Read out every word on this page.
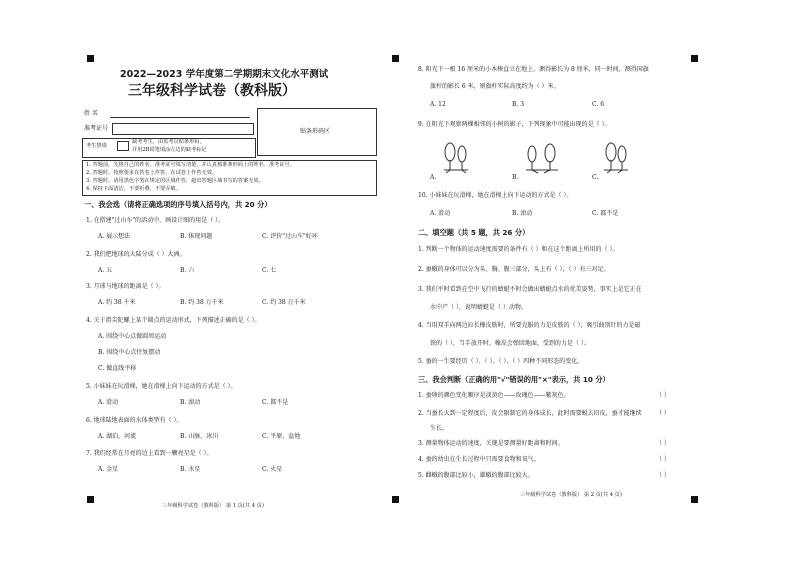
2022—2023 学年度第二学期期末文化水平测试
三年级科学试卷（教科版）
姓 名
准考证号	贴条形码区
考生禁填
缺考考生，由监考员贴条形码，
并用2B铅笔填涂左边的缺考标记
1. 答题前，先将自己的姓名、准考证号填写清楚，并认真核准条形码上的姓名、准考证号。
2. 答题时，按照要求在答卷上作答，在试卷上作答无效。
3. 答题时，请用黑色字笔在规定的区域作答，超出答题区域书写的答案无效。
4. 保持卡面清洁，不要折叠，不要弄破。
一、我会选（请将正确选项的序号填入括号内，共 20 分）
1. 在搭建"过山车"的活动中，画设计图的用是（ ）。
A. 展示想法	B. 体现问题	C. 评价"过山车"好坏
2. 我们把地球的大陆分成（ ）大洲。
A. 五	B. 六	C. 七
3. 月球与地球的距离是（ ）。
A. 约 38 千米	B. 约 38 万千米	C. 约 38 万千米
4. 关于指尖陀螺上某个圆点的运动形式，下列描述正确的是（ ）。
A. 围绕中心点做圆周运动
B. 围绕中心点往复摆动
C. 做直线平移
5. 小妹妹在玩滑梯，她在滑梯上向下运动的方式是（ ）。
A. 滑动	B. 滚动	C. 都不是
6. 地球陆地表面的水体类型有（ ）。
A. 湖泊、河流	B. 山脉、冰川	C. 平原、盆地
7. 我们经常在月亮的边上看到一颗亮星是（ ）。
A. 金星	B. 水星	C. 火星
三年级科学试卷（教科版） 第 1 页(共 4 页)
8. 阳光下一根 16 厘米的小木棒直立在地上，测得影长为 8 厘米，同一时间，测得国旗
旗杆的影长 6 米，则旗杆实际高度约为（ ）米。
A. 12	B. 3	C. 6
9. 在阳光下观察两棵相邻的小树的影子，下列现象中可能出现的是（ ）。
A.	B.	C.
10. 小妹妹在玩滑梯，她在滑梯上向下运动的方式是（ ）。
A. 滑动	B. 滚动	C. 都不是
二、填空题（共 5 题，共 26 分）
1. 判断一个物体的运动速度需要的条件有（ ）和在这个距离上所用的（ ）。
2. 蚕蛾的身体可以分为头、胸、腹三部分，头上有（ ），（ ）有三对足。
3. 我们平时看到在空中飞行的蜻蜓不时会做出蜻蜓点水的优美姿势，事实上是它正在
水中产（ ），说明蜻蜓是（ ）动物。
4. 当用双手向两边拉长橡皮筋时，所要克服的力是皮筋的（ ），吸引曲别针的力是磁
铁的（ ），当手放开时，橡皮会弹回地面，受到的力是（ ）。
5. 蚕的一生要经历（ ）、（ ）、（ ）、（ ）四种不同形态的变化。
三、我会判断（正确的用"√"错误的用"×"表示，共 10 分）
1. 蚕卵的颜色变化顺序是淡黄色——玫瑰色——紫灰色。	（ ）
2. 当蚕长大到一定程度后，皮会限制它的身体成长，此时需要蜕去旧皮，蚕才能继续 （ ）
生长。
3. 测量物体运动的速度，关键是要测量好距离和时间。	（ ）
4. 蚕的幼虫在生长过程中只需要食物和氧气。	（ ）
5. 雌蛾的腹部比较小，雄蛾的腹部比较大。	（ ）
三年级科学试卷（教科版） 第 2 页(共 4 页)
